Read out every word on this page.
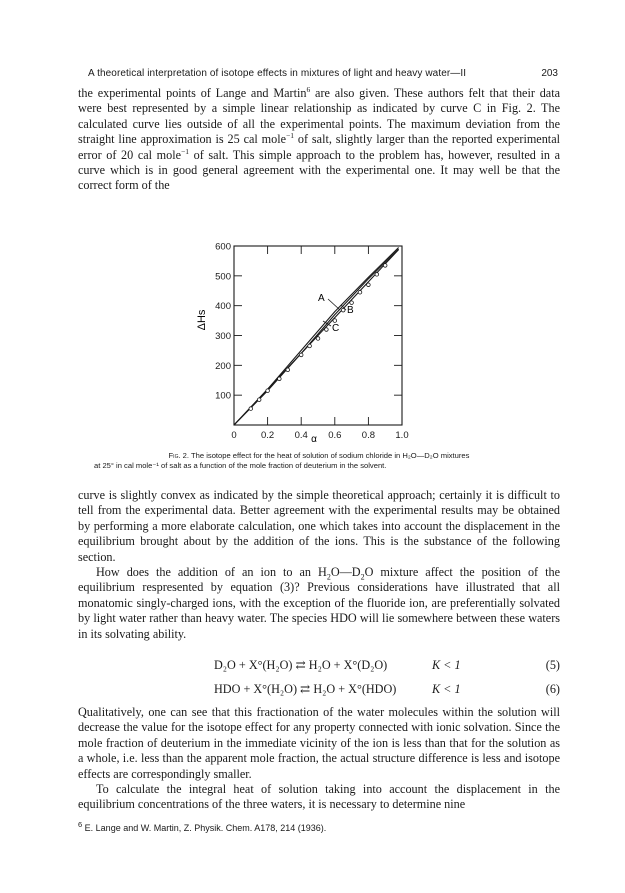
A theoretical interpretation of isotope effects in mixtures of light and heavy water—II	203

the experimental points of Lange and Martin$^6$ are also given. These authors felt that their data were best represented by a simple linear relationship as indicated by curve C in Fig. 2. The calculated curve lies outside of all the experimental points. The maximum deviation from the straight line approximation is 25 cal mole$^{-1}$ of salt, slightly larger than the reported experimental error of 20 cal mole$^{-1}$ of salt. This simple approach to the problem has, however, resulted in a curve which is in good general agreement with the experimental one. It may well be that the correct form of the

0	0.2 0.4 0.6 0.8 1.0
100
200
300
400
500
600
ΔHs
α
A
B
C
Fig. 2. The isotope effect for the heat of solution of sodium chloride in H₂O—D₂O mixtures
at 25° in cal mole⁻¹ of salt as a function of the mole fraction of deuterium in the solvent.

curve is slightly convex as indicated by the simple theoretical approach; certainly it is difficult to tell from the experimental data. Better agreement with the experimental results may be obtained by performing a more elaborate calculation, one which takes into account the displacement in the equilibrium brought about by the addition of the ions. This is the substance of the following section.

How does the addition of an ion to an $H_2O—D_2O$ mixture affect the position of the equilibrium respresented by equation (3)? Previous considerations have illustrated that all monatomic singly-charged ions, with the exception of the fluoride ion, are preferentially solvated by light water rather than heavy water. The species HDO will lie somewhere between these waters in its solvating ability.

D₂O + X°(H₂O) ⇄ H₂O + X°(D₂O)	K < 1	(5)
HDO + X°(H₂O) ⇄ H₂O + X°(HDO)	K < 1	(6)

Qualitatively, one can see that this fractionation of the water molecules within the solution will decrease the value for the isotope effect for any property connected with ionic solvation. Since the mole fraction of deuterium in the immediate vicinity of the ion is less than that for the solution as a whole, i.e. less than the apparent mole fraction, the actual structure difference is less and isotope effects are correspondingly smaller.

To calculate the integral heat of solution taking into account the displacement in the equilibrium concentrations of the three waters, it is necessary to determine nine

$^6$ E. Lange and W. Martin, Z. Physik. Chem. A178, 214 (1936).
